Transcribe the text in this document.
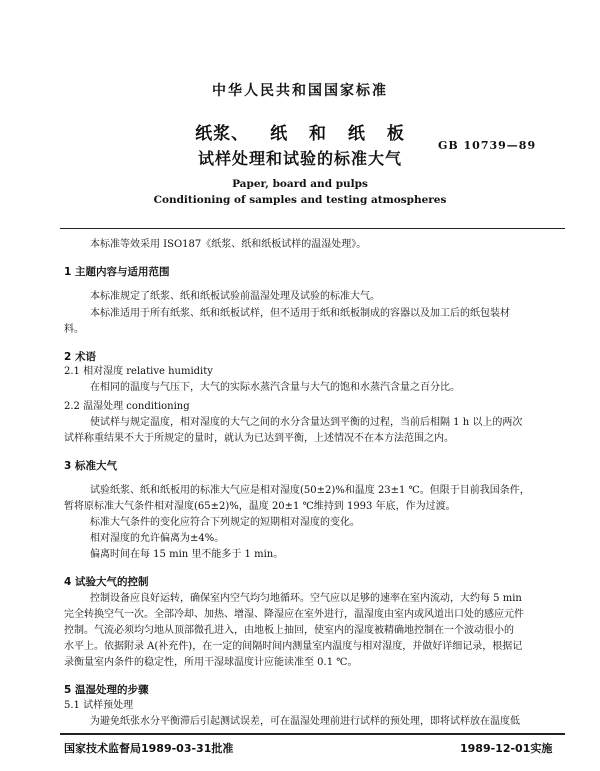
中华人民共和国国家标准
纸浆、 纸 和 纸 板
试样处理和试验的标准大气
GB 10739—89
Paper, board and pulps
Conditioning of samples and testing atmospheres
本标准等效采用 ISO187《纸浆、纸和纸板试样的温湿处理》。
1 主题内容与适用范围
本标准规定了纸浆、纸和纸板试验前温湿处理及试验的标准大气。
本标准适用于所有纸浆、纸和纸板试样，但不适用于纸和纸板制成的容器以及加工后的纸包装材
料。
2 术语
2.1 相对湿度 relative humidity
在相同的温度与气压下，大气的实际水蒸汽含量与大气的饱和水蒸汽含量之百分比。
2.2 温湿处理 conditioning
使试样与规定温度，相对湿度的大气之间的水分含量达到平衡的过程，当前后相隔 1 h 以上的两次
试样称重结果不大于所规定的量时，就认为已达到平衡，上述情况不在本方法范围之内。
3 标准大气
试验纸浆、纸和纸板用的标准大气应是相对湿度(50±2)%和温度 23±1 ℃。但限于目前我国条件，
暂将原标准大气条件相对湿度(65±2)%，温度 20±1 ℃维持到 1993 年底，作为过渡。
标准大气条件的变化应符合下列规定的短期相对湿度的变化。
相对湿度的允许偏离为±4%。
偏离时间在每 15 min 里不能多于 1 min。
4 试验大气的控制
控制设备应良好运转，确保室内空气均匀地循环。空气应以足够的速率在室内流动，大约每 5 min
完全转换空气一次。全部冷却、加热、增湿、降湿应在室外进行，温湿度由室内或风道出口处的感应元件
控制。气流必须均匀地从顶部微孔进入，由地板上抽回，使室内的湿度被精确地控制在一个波动很小的
水平上。依据附录 A(补充件)，在一定的间隔时间内测量室内温度与相对湿度，并做好详细记录，根据记
录衡量室内条件的稳定性，所用干湿球温度计应能读准至 0.1 ℃。
5 温湿处理的步骤
5.1 试样预处理
为避免纸张水分平衡滞后引起测试误差，可在温湿处理前进行试样的预处理，即将试样放在温度低
国家技术监督局1989-03-31批准	1989-12-01实施
